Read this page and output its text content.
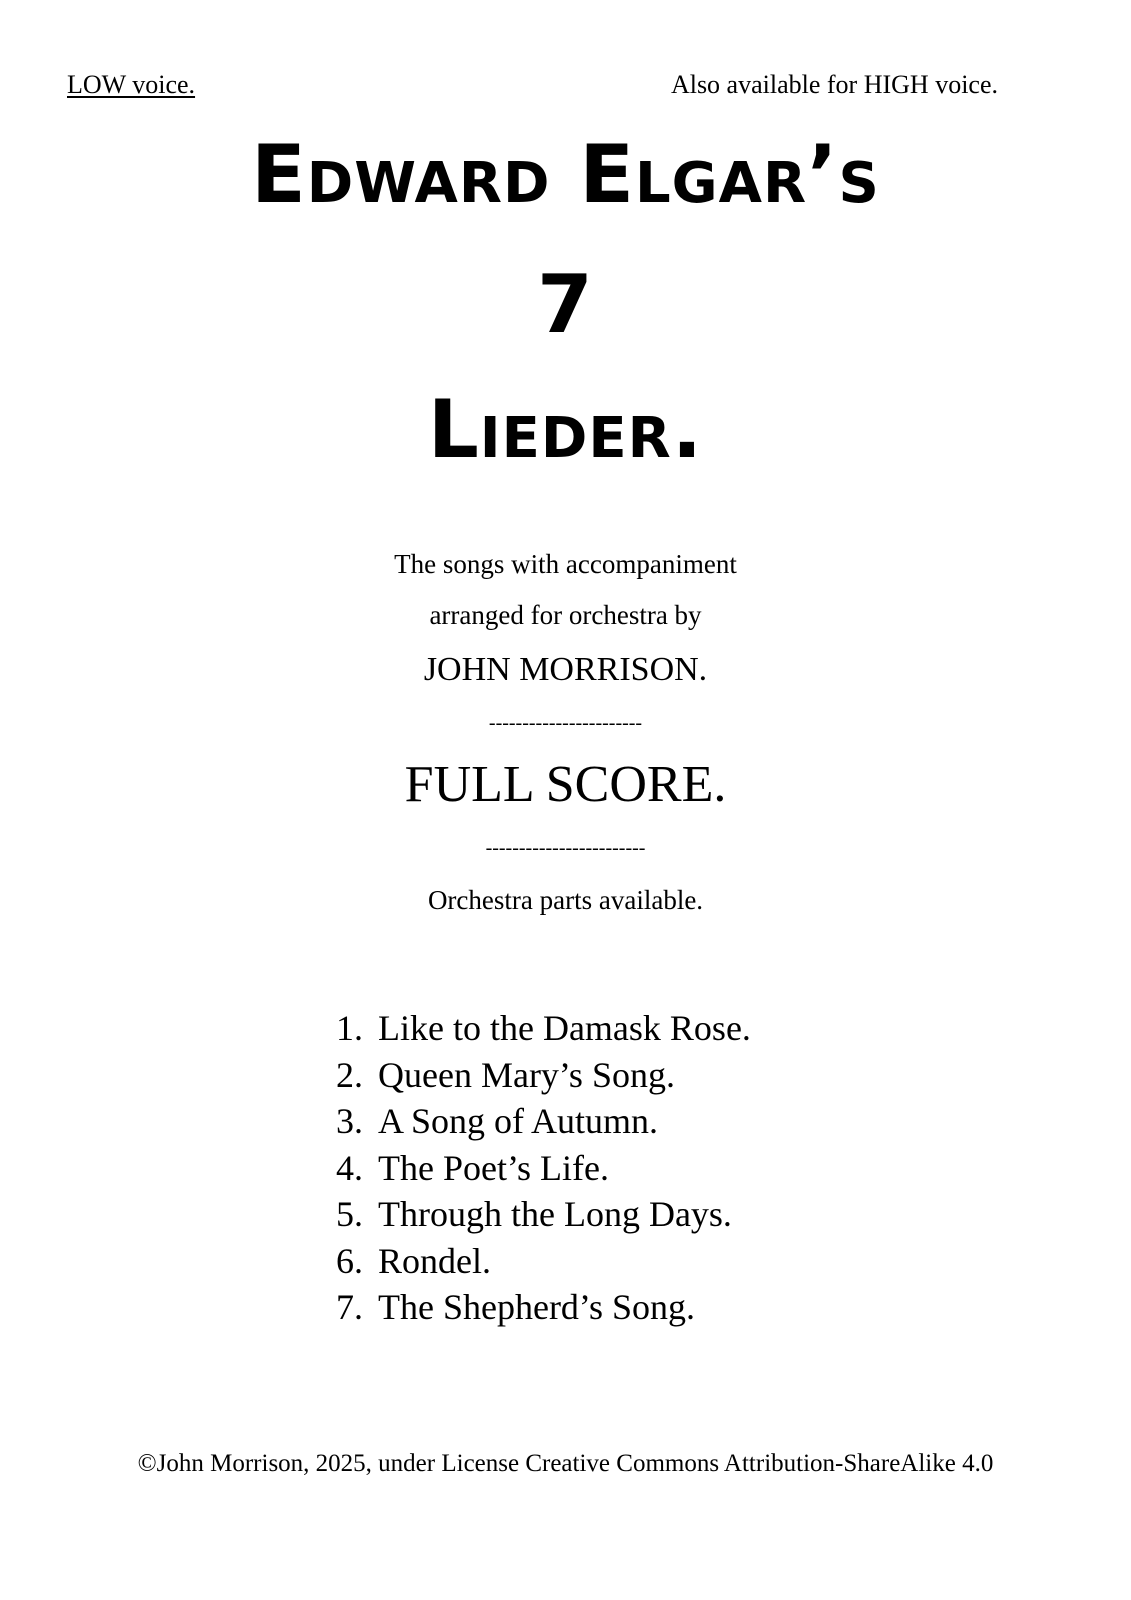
LOW voice.	Also available for HIGH voice.
Edward Elgar’s
7
Lieder.
The songs with accompaniment
arranged for orchestra by
JOHN MORRISON.
-----------------------
FULL SCORE.
------------------------
Orchestra parts available.
1. Like to the Damask Rose.
2. Queen Mary’s Song.
3. A Song of Autumn.
4. The Poet’s Life.
5. Through the Long Days.
6. Rondel.
7. The Shepherd’s Song.
©John Morrison, 2025, under License Creative Commons Attribution-ShareAlike 4.0
